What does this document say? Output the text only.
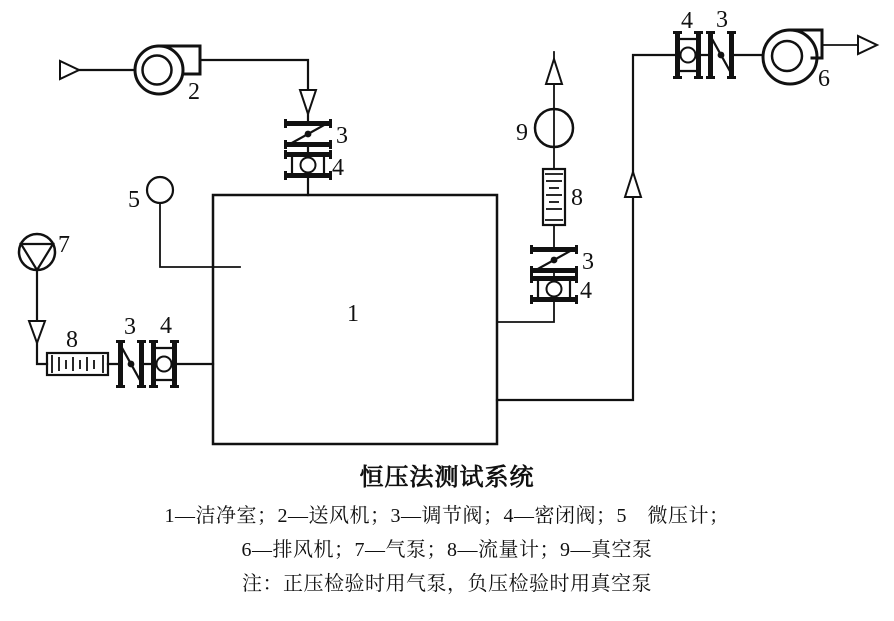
1
2
3
4
5
7
8 3 4
4
3
8
9
4 3
6
恒压法测试系统
1—洁净室；2—送风机；3—调节阀；4—密闭阀；5　微压计；
6—排风机；7—气泵；8—流量计；9—真空泵
注：正压检验时用气泵，负压检验时用真空泵
